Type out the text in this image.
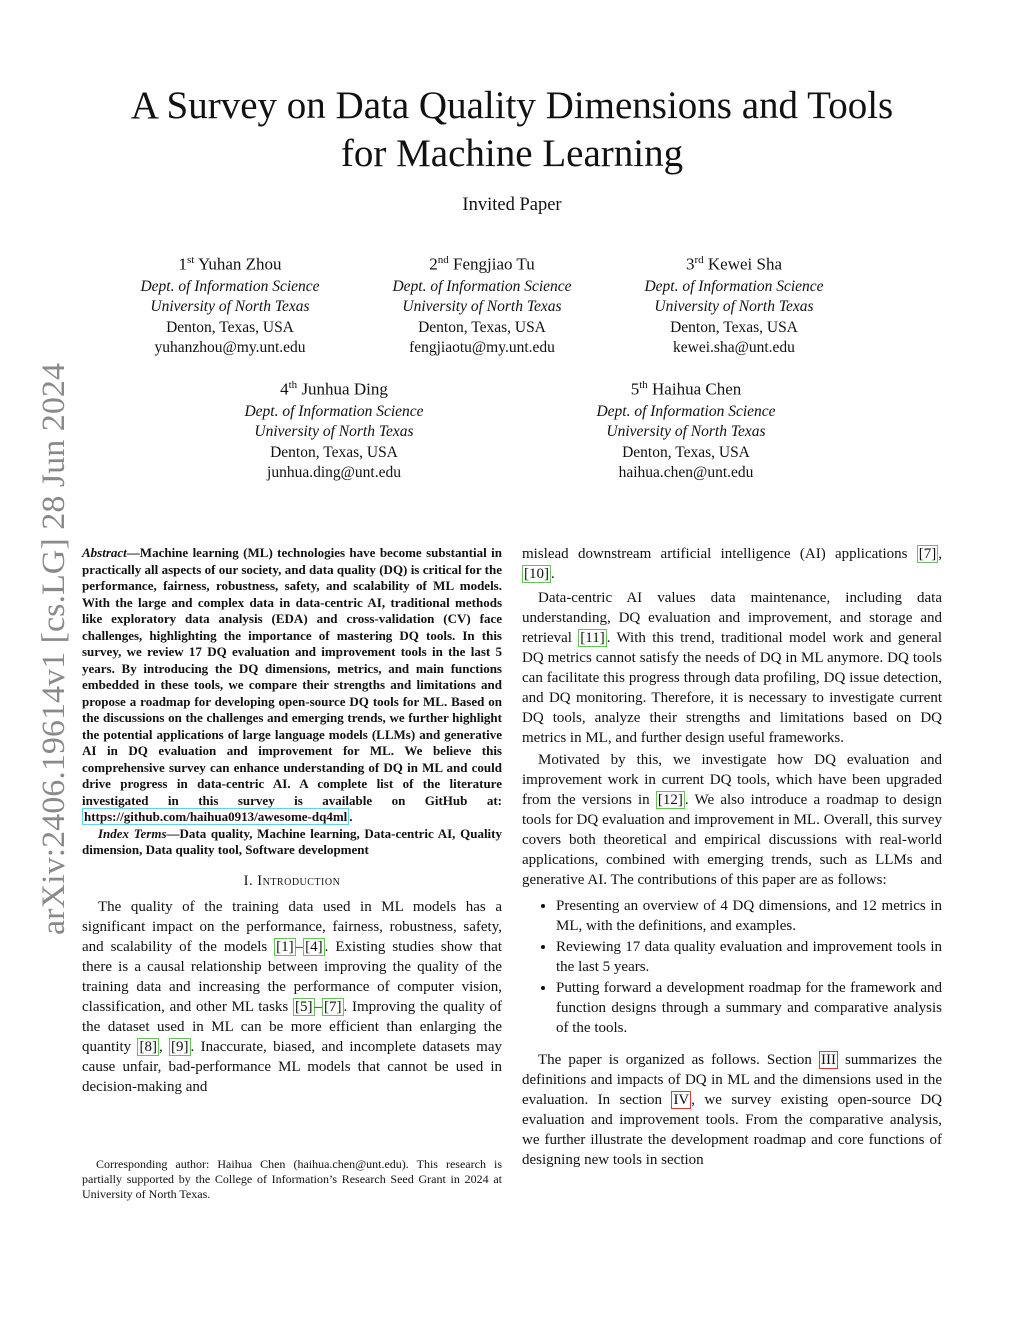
arXiv:2406.19614v1 [cs.LG] 28 Jun 2024
A Survey on Data Quality Dimensions and Tools
for Machine Learning
Invited Paper
1st Yuhan Zhou
Dept. of Information Science
University of North Texas
Denton, Texas, USA
yuhanzhou@my.unt.edu
2nd Fengjiao Tu
Dept. of Information Science
University of North Texas
Denton, Texas, USA
fengjiaotu@my.unt.edu
3rd Kewei Sha
Dept. of Information Science
University of North Texas
Denton, Texas, USA
kewei.sha@unt.edu
4th Junhua Ding
Dept. of Information Science
University of North Texas
Denton, Texas, USA
junhua.ding@unt.edu
5th Haihua Chen
Dept. of Information Science
University of North Texas
Denton, Texas, USA
haihua.chen@unt.edu

Abstract—Machine learning (ML) technologies have become substantial in practically all aspects of our society, and data quality (DQ) is critical for the performance, fairness, robustness, safety, and scalability of ML models. With the large and complex data in data-centric AI, traditional methods like exploratory data analysis (EDA) and cross-validation (CV) face challenges, highlighting the importance of mastering DQ tools. In this survey, we review 17 DQ evaluation and improvement tools in the last 5 years. By introducing the DQ dimensions, metrics, and main functions embedded in these tools, we compare their strengths and limitations and propose a roadmap for developing open-source DQ tools for ML. Based on the discussions on the challenges and emerging trends, we further highlight the potential applications of large language models (LLMs) and generative AI in DQ evaluation and improvement for ML. We believe this comprehensive survey can enhance understanding of DQ in ML and could drive progress in data-centric AI. A complete list of the literature investigated in this survey is available on GitHub at: https://github.com/haihua0913/awesome-dq4ml .

Index Terms—Data quality, Machine learning, Data-centric AI, Quality dimension, Data quality tool, Software development

I. Introduction

The quality of the training data used in ML models has a significant impact on the performance, fairness, robustness, safety, and scalability of the models [1] – [4] . Existing studies show that there is a causal relationship between improving the quality of the training data and increasing the performance of computer vision, classification, and other ML tasks [5] – [7] . Improving the quality of the dataset used in ML can be more efficient than enlarging the quantity [8] , [9] . Inaccurate, biased, and incomplete datasets may cause unfair, bad-performance ML models that cannot be used in decision-making and

Corresponding author: Haihua Chen (haihua.chen@unt.edu). This research is partially supported by the College of Information’s Research Seed Grant in 2024 at University of North Texas.

mislead downstream artificial intelligence (AI) applications [7] , [10] .

Data-centric AI values data maintenance, including data understanding, DQ evaluation and improvement, and storage and retrieval [11] . With this trend, traditional model work and general DQ metrics cannot satisfy the needs of DQ in ML anymore. DQ tools can facilitate this progress through data profiling, DQ issue detection, and DQ monitoring. Therefore, it is necessary to investigate current DQ tools, analyze their strengths and limitations based on DQ metrics in ML, and further design useful frameworks.

Motivated by this, we investigate how DQ evaluation and improvement work in current DQ tools, which have been upgraded from the versions in [12] . We also introduce a roadmap to design tools for DQ evaluation and improvement in ML. Overall, this survey covers both theoretical and empirical discussions with real-world applications, combined with emerging trends, such as LLMs and generative AI. The contributions of this paper are as follows:

• Presenting an overview of 4 DQ dimensions, and 12 metrics in ML, with the definitions, and examples.
• Reviewing 17 data quality evaluation and improvement tools in the last 5 years.
• Putting forward a development roadmap for the framework and function designs through a summary and comparative analysis of the tools.

The paper is organized as follows. Section III summarizes the definitions and impacts of DQ in ML and the dimensions used in the evaluation. In section IV , we survey existing open-source DQ evaluation and improvement tools. From the comparative analysis, we further illustrate the development roadmap and core functions of designing new tools in section
